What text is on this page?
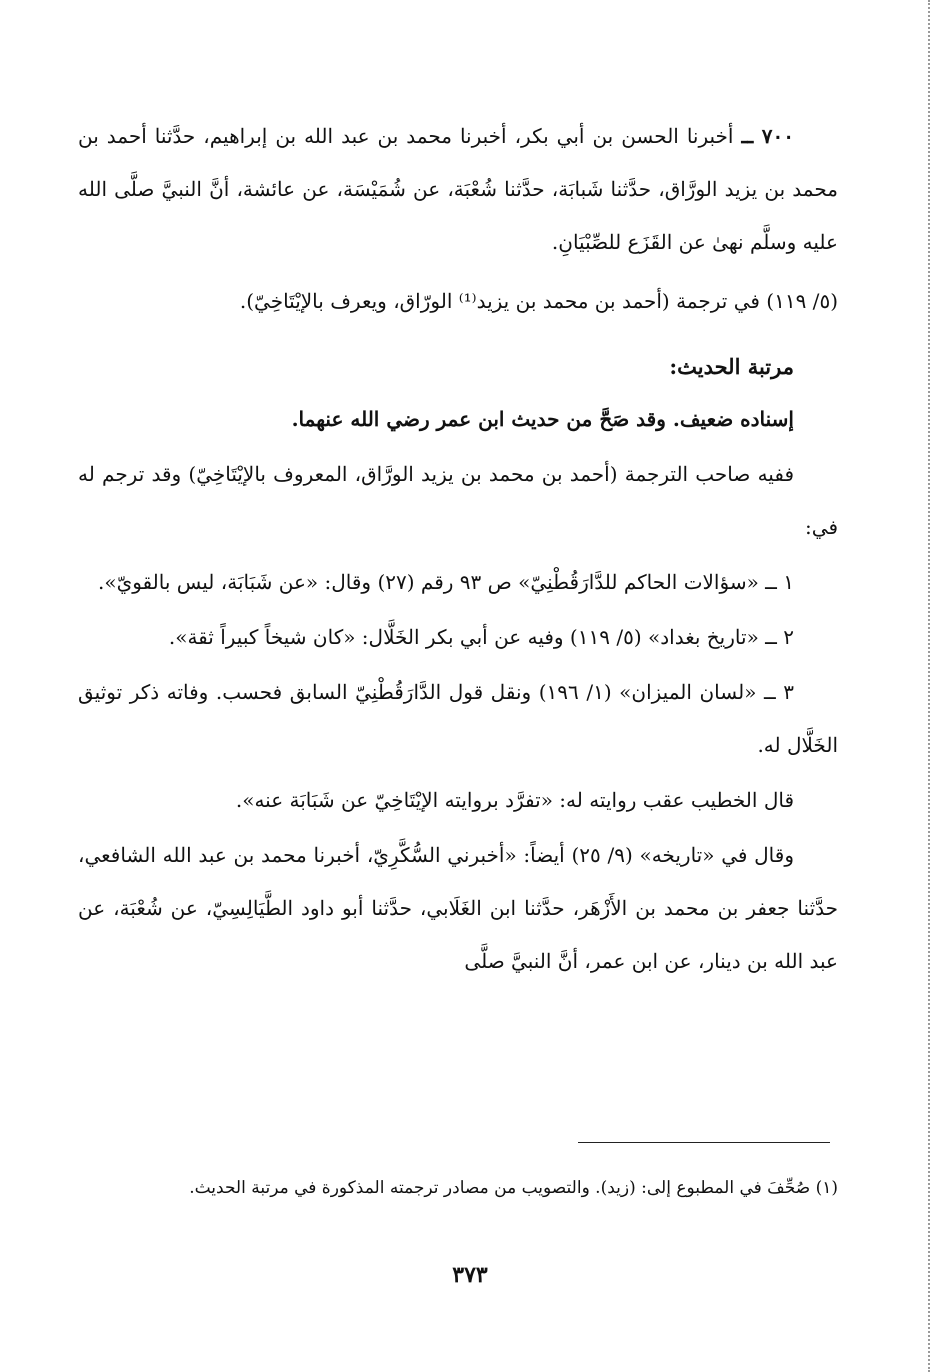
٧٠٠ ــ أخبرنا الحسن بن أبي بكر، أخبرنا محمد بن عبد الله بن إبراهيم، حدَّثنا أحمد بن محمد بن يزيد الورَّاق، حدَّثنا شَبابَة، حدَّثنا شُعْبَة، عن شُمَيْسَة، عن عائشة، أنَّ النبيَّ صلَّى الله عليه وسلَّم نهىٰ عن القَزَع للصِّبْيَانِ.

(٥/ ١١٩) في ترجمة (أحمد بن محمد بن يزيد⁽¹⁾ الورّاق، ويعرف بالإيْتَاخِيّ).

مرتبة الحديث:

إسناده ضعيف. وقد صَحَّ من حديث ابن عمر رضي الله عنهما.

ففيه صاحب الترجمة (أحمد بن محمد بن يزيد الورَّاق، المعروف بالإيْتَاخِيّ) وقد ترجم له في:

١ ــ «سؤالات الحاكم للدَّارَقُطْنِيّ» ص ٩٣ رقم (٢٧) وقال: «عن شَبَابَة، ليس بالقويّ».

٢ ــ «تاريخ بغداد» (٥/ ١١٩) وفيه عن أبي بكر الخَلَّال: «كان شيخاً كبيراً ثقة».

٣ ــ «لسان الميزان» (١/ ١٩٦) ونقل قول الدَّارَقُطْنِيّ السابق فحسب. وفاته ذكر توثيق الخَلَّال له.

قال الخطيب عقب روايته له: «تفرَّد بروايته الإيْتَاخِيّ عن شَبَابَة عنه».

وقال في «تاريخه» (٩/ ٢٥) أيضاً: «أخبرني السُّكَّرِيّ، أخبرنا محمد بن عبد الله الشافعي، حدَّثنا جعفر بن محمد بن الأَزْهَر، حدَّثنا ابن الغَلَابي، حدَّثنا أبو داود الطَّيَالِسِيّ، عن شُعْبَة، عن عبد الله بن دينار، عن ابن عمر، أنَّ النبيَّ صلَّى

(١) صُحِّفَ في المطبوع إلى: (زيد). والتصويب من مصادر ترجمته المذكورة في مرتبة الحديث.

٣٧٣
